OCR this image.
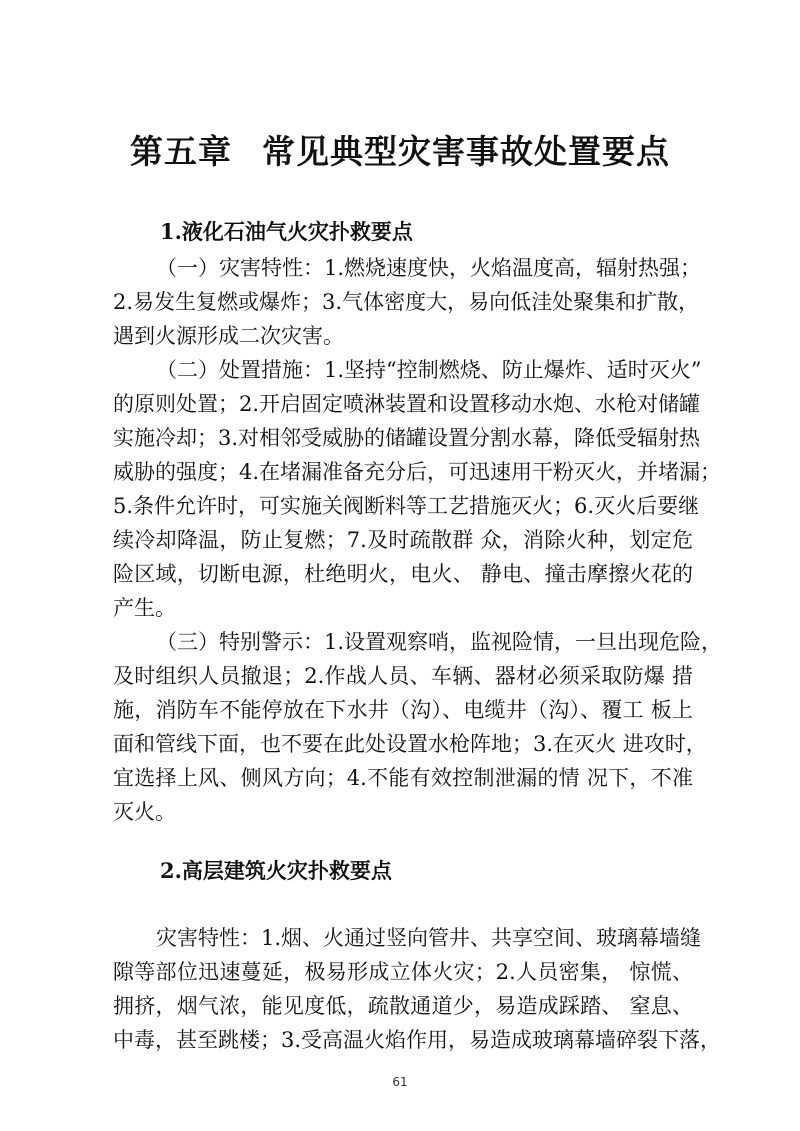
第五章 常见典型灾害事故处置要点
1.液化石油气火灾扑救要点
（一）灾害特性：1.燃烧速度快，火焰温度高，辐射热强；
2.易发生复燃或爆炸；3.气体密度大，易向低洼处聚集和扩散，
遇到火源形成二次灾害。
（二）处置措施：1.坚持“控制燃烧、防止爆炸、适时灭火”
的原则处置；2.开启固定喷淋装置和设置移动水炮、水枪对储罐
实施冷却；3.对相邻受威胁的储罐设置分割水幕，降低受辐射热
威胁的强度；4.在堵漏准备充分后，可迅速用干粉灭火，并堵漏；
5.条件允许时，可实施关阀断料等工艺措施灭火；6.灭火后要继
续冷却降温，防止复燃；7.及时疏散群 众，消除火种，划定危
险区域，切断电源，杜绝明火，电火、 静电、撞击摩擦火花的
产生。
（三）特别警示：1.设置观察哨，监视险情，一旦出现危险，
及时组织人员撤退；2.作战人员、车辆、器材必须采取防爆 措
施，消防车不能停放在下水井（沟）、电缆井（沟）、覆工 板上
面和管线下面，也不要在此处设置水枪阵地；3.在灭火 进攻时，
宜选择上风、侧风方向；4.不能有效控制泄漏的情 况下，不准
灭火。
2.高层建筑火灾扑救要点
灾害特性：1.烟、火通过竖向管井、共享空间、玻璃幕墙缝
隙等部位迅速蔓延，极易形成立体火灾；2.人员密集， 惊慌、
拥挤，烟气浓，能见度低，疏散通道少，易造成踩踏、 窒息、
中毒，甚至跳楼；3.受高温火焰作用，易造成玻璃幕墙碎裂下落，
61
